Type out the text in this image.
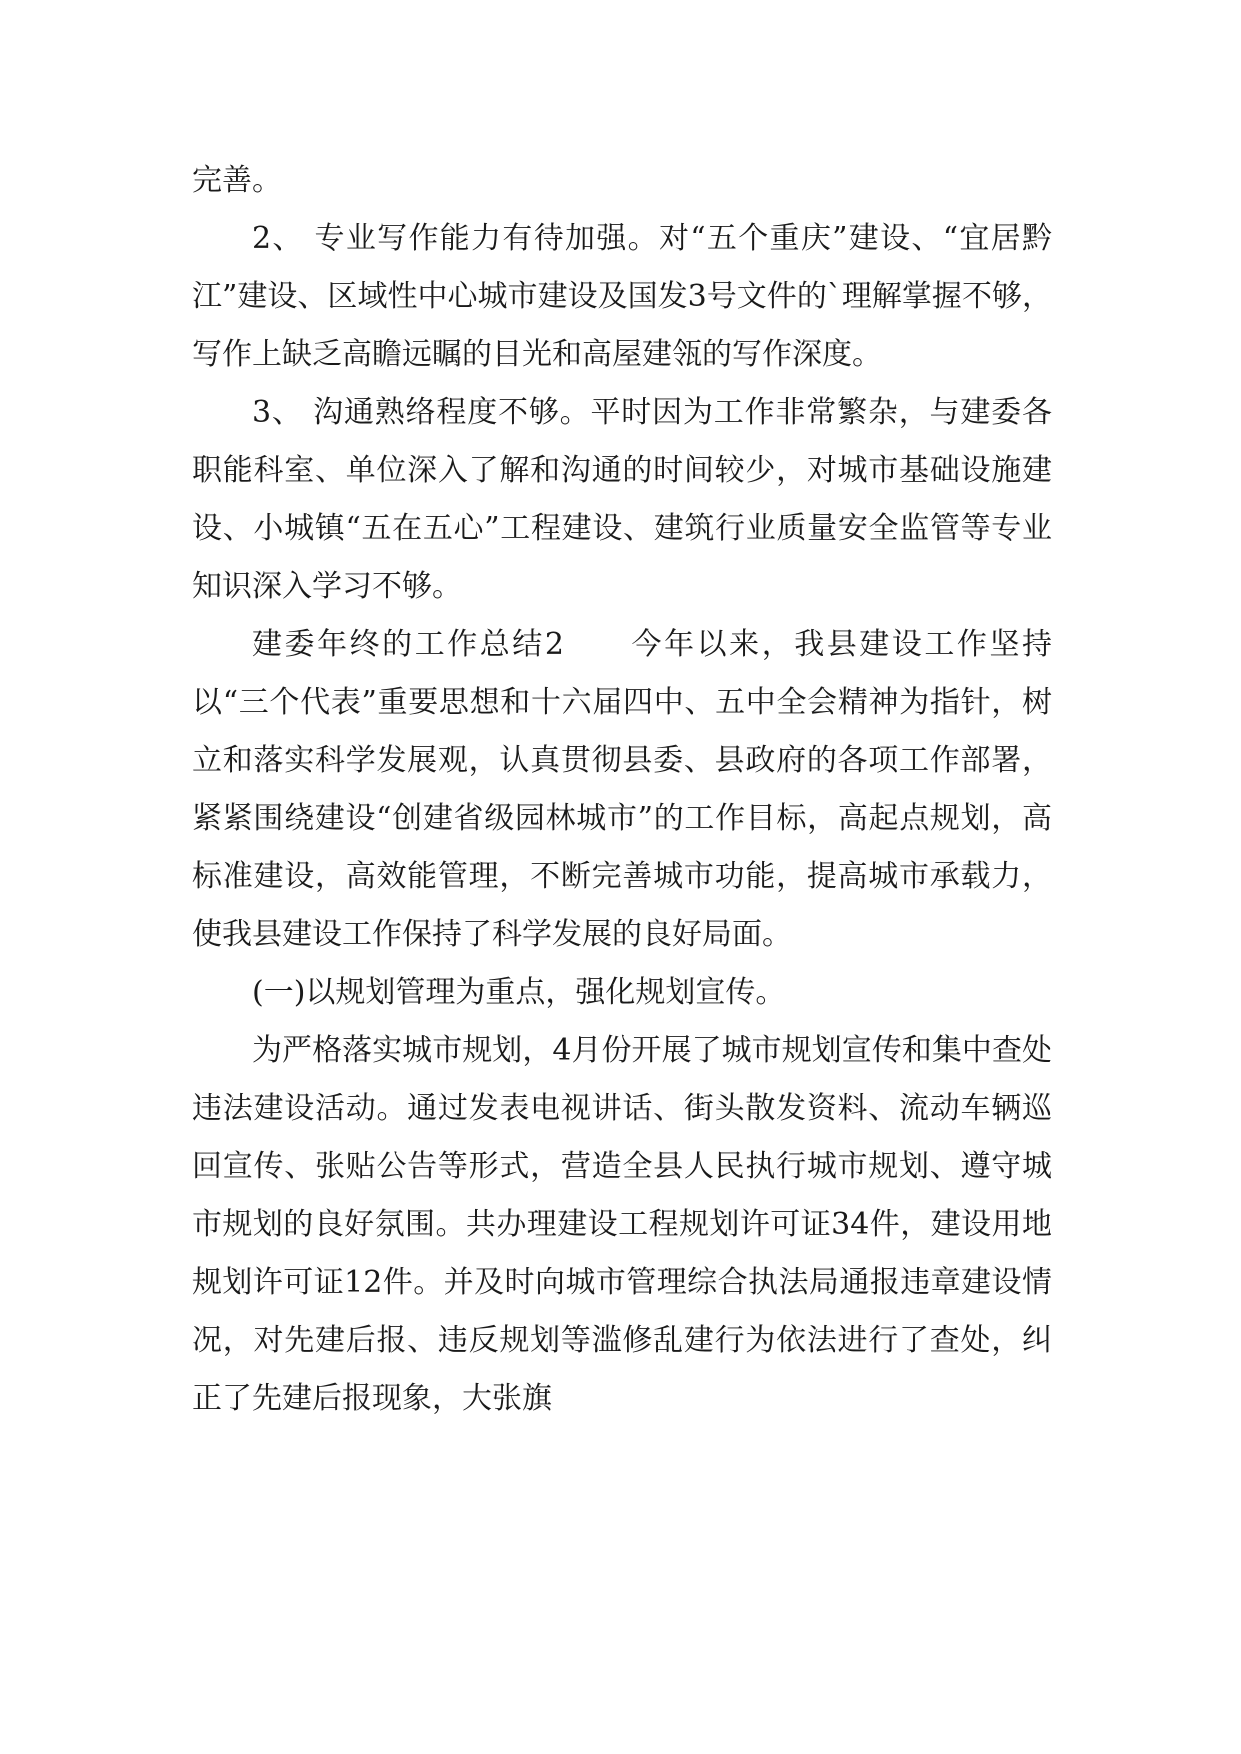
完善。

2、 专业写作能力有待加强。对“五个重庆”建设、“宜居黔江”建设、区域性中心城市建设及国发3号文件的`理解掌握不够，写作上缺乏高瞻远瞩的目光和高屋建瓴的写作深度。

3、 沟通熟络程度不够。平时因为工作非常繁杂，与建委各职能科室、单位深入了解和沟通的时间较少，对城市基础设施建设、小城镇“五在五心”工程建设、建筑行业质量安全监管等专业知识深入学习不够。

建委年终的工作总结2　　今年以来，我县建设工作坚持以“三个代表”重要思想和十六届四中、五中全会精神为指针，树立和落实科学发展观，认真贯彻县委、县政府的各项工作部署，紧紧围绕建设“创建省级园林城市”的工作目标，高起点规划，高标准建设，高效能管理，不断完善城市功能，提高城市承载力，使我县建设工作保持了科学发展的良好局面。

(一)以规划管理为重点，强化规划宣传。

为严格落实城市规划，4月份开展了城市规划宣传和集中查处违法建设活动。通过发表电视讲话、街头散发资料、流动车辆巡回宣传、张贴公告等形式，营造全县人民执行城市规划、遵守城市规划的良好氛围。共办理建设工程规划许可证34件，建设用地规划许可证12件。并及时向城市管理综合执法局通报违章建设情况，对先建后报、违反规划等滥修乱建行为依法进行了查处，纠正了先建后报现象，大张旗
